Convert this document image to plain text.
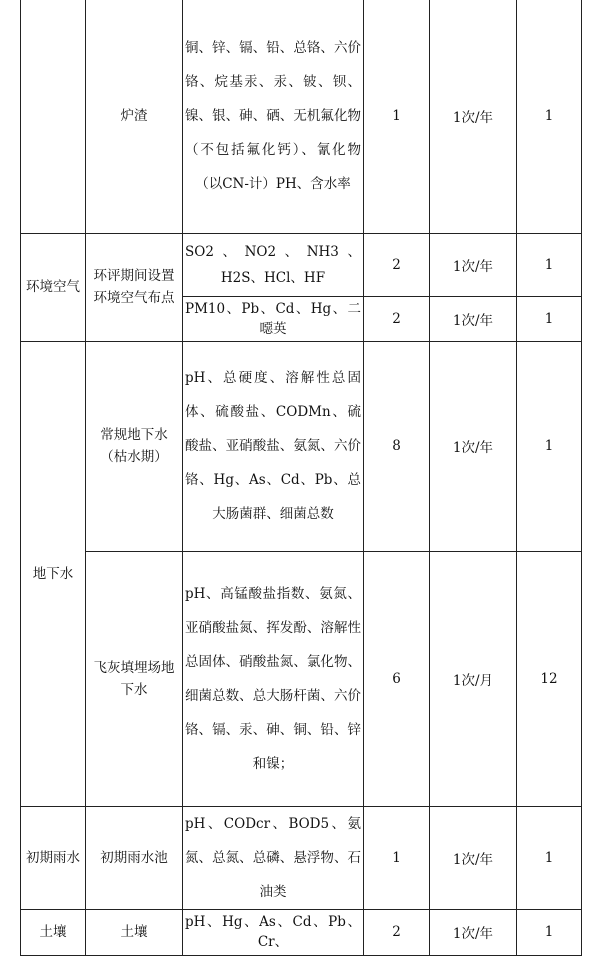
	炉渣	铜、锌、镉、铅、总铬、六价铬、烷基汞、汞、铍、钡、镍、银、砷、硒、无机氟化物（不包括氟化钙）、氰化物（以CN-计）PH、含水率	1	1次/年	1
环境空气	环评期间设置环境空气布点	SO2、NO2、NH3、H2S、HCl、HF	2	1次/年	1

		PM10、Pb、Cd、Hg、二噁英	2	1次/年	1
地下水	常规地下水（枯水期）	pH、总硬度、溶解性总固体、硫酸盐、CODMn、硫酸盐、亚硝酸盐、氨氮、六价铬、Hg、As、Cd、Pb、总大肠菌群、细菌总数	8	1次/年	1
	飞灰填埋场地下水	pH、高锰酸盐指数、氨氮、亚硝酸盐氮、挥发酚、溶解性总固体、硝酸盐氮、氯化物、细菌总数、总大肠杆菌、六价铬、镉、汞、砷、铜、铅、锌和镍；	6	1次/月	12
初期雨水	初期雨水池	pH、CODcr、BOD5、氨氮、总氮、总磷、悬浮物、石油类	1	1次/年	1
土壤	土壤	pH、Hg、As、Cd、Pb、Cr、	2	1次/年	1
